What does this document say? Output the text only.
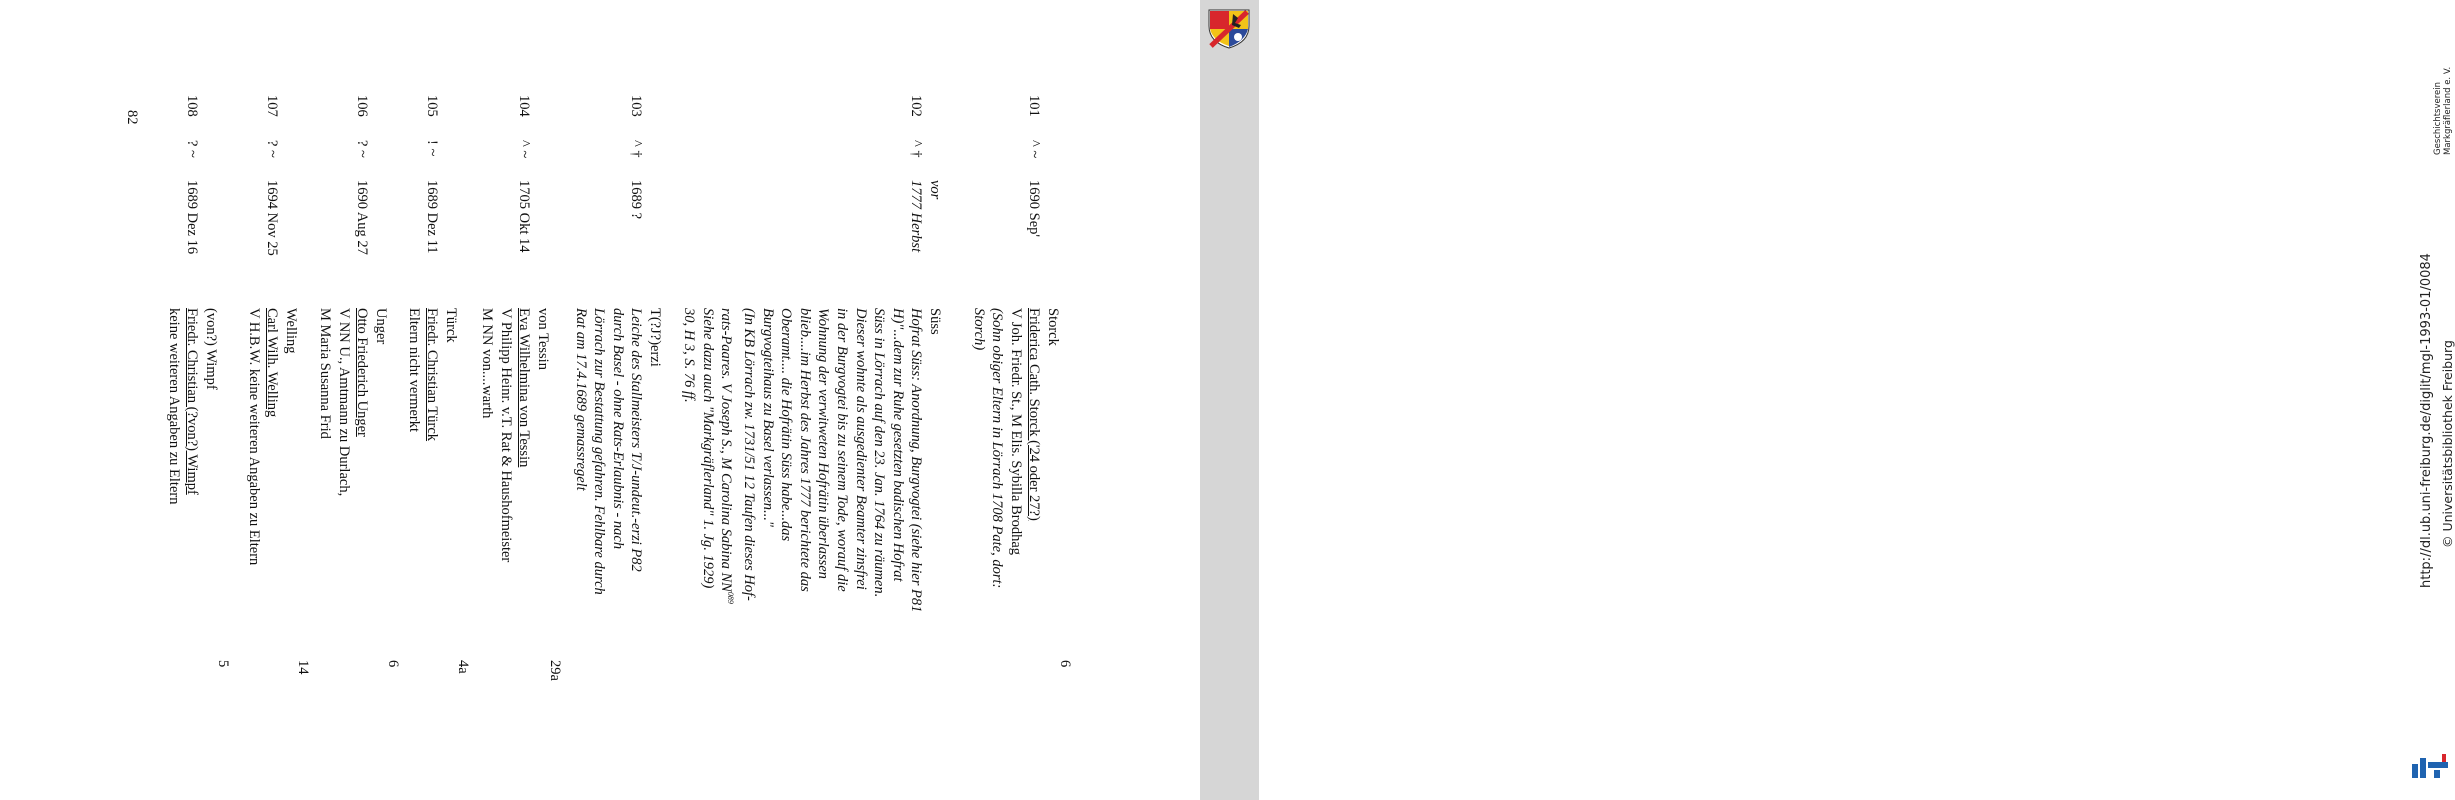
101
^ ~
1690 Sep'
Storck
Friderica Cath. Storck ('24 oder 27?)
V Joh. Friedr. St., M Elis. Sybilla Brodhag
(Sohn obiger Eltern in Lörrach 1708 Pate, dort:
Storch)
6
102
^ †
vor
1777 Herbst
Süss
Hofrat Süss: Anordnung, Burgvogtei (siehe hier P81
H)"...dem zur Ruhe gesetzten badischen Hofrat
Süss in Lörrach auf den 23. Jan. 1764 zu räumen.
Dieser wohnte als ausgedienter Beamter zinsfrei
in der Burgvogtei bis zu seinem Tode, worauf die
Wohnung der verwitweten Hofrätin überlassen
blieb....im Herbst des Jahres 1777 berichtete das
Oberamt.... die Hofrätin Süss habe...das
Burgvogteihaus zu Basel verlassen..."
(In KB Lörrach zw. 1731/51 12 Taufen dieses Hof-
rats-Paares. V Joseph S., M Carolina Sabina NN$^{089}$
Siehe dazu auch "Markgräflerland" 1. Jg. 1929)
30, H 3, S. 76 ff.
103
^ †
1689 ?
T(?J?)erzi
Leiche des Stallmeisters T/J-undeut.-erzi P82
durch Basel - ohne Rats-Erlaubnis - nach
Lörrach zur Bestattung gefahren. Fehlbare durch
Rat am 17.4.1689 gemassregelt
104
^ ~
1705 Okt 14
von Tessin
Eva Wilhelmina von Tessin
V Philipp Heinr. v.T. Rat & Haushofmeister
M NN von....warth
29a
105
! ~
1689 Dez 11
Türck
Friedr. Christian Türck
Eltern nicht vermerkt
4a
106
? ~
1690 Aug 27
Unger
Otto Friederich Unger
V NN U., Amtmann zu Durlach,
M Maria Susanna Frid
6
107
? ~
1694 Nov 25
Welling
Carl Wilh. Welling
V H.B.W. keine weiteren Angaben zu Eltern
14
108
? ~
1689 Dez 16
(von?) Wimpf
Friedr. Christian (?von?) Wimpf
keine weiteren Angaben zu Eltern
5
82	Geschichtsverein Markgräflerland e. V.
http://dl.ub.uni-freiburg.de/diglit/mgl-1993-01/0084 © Universitätsbibliothek Freiburg
